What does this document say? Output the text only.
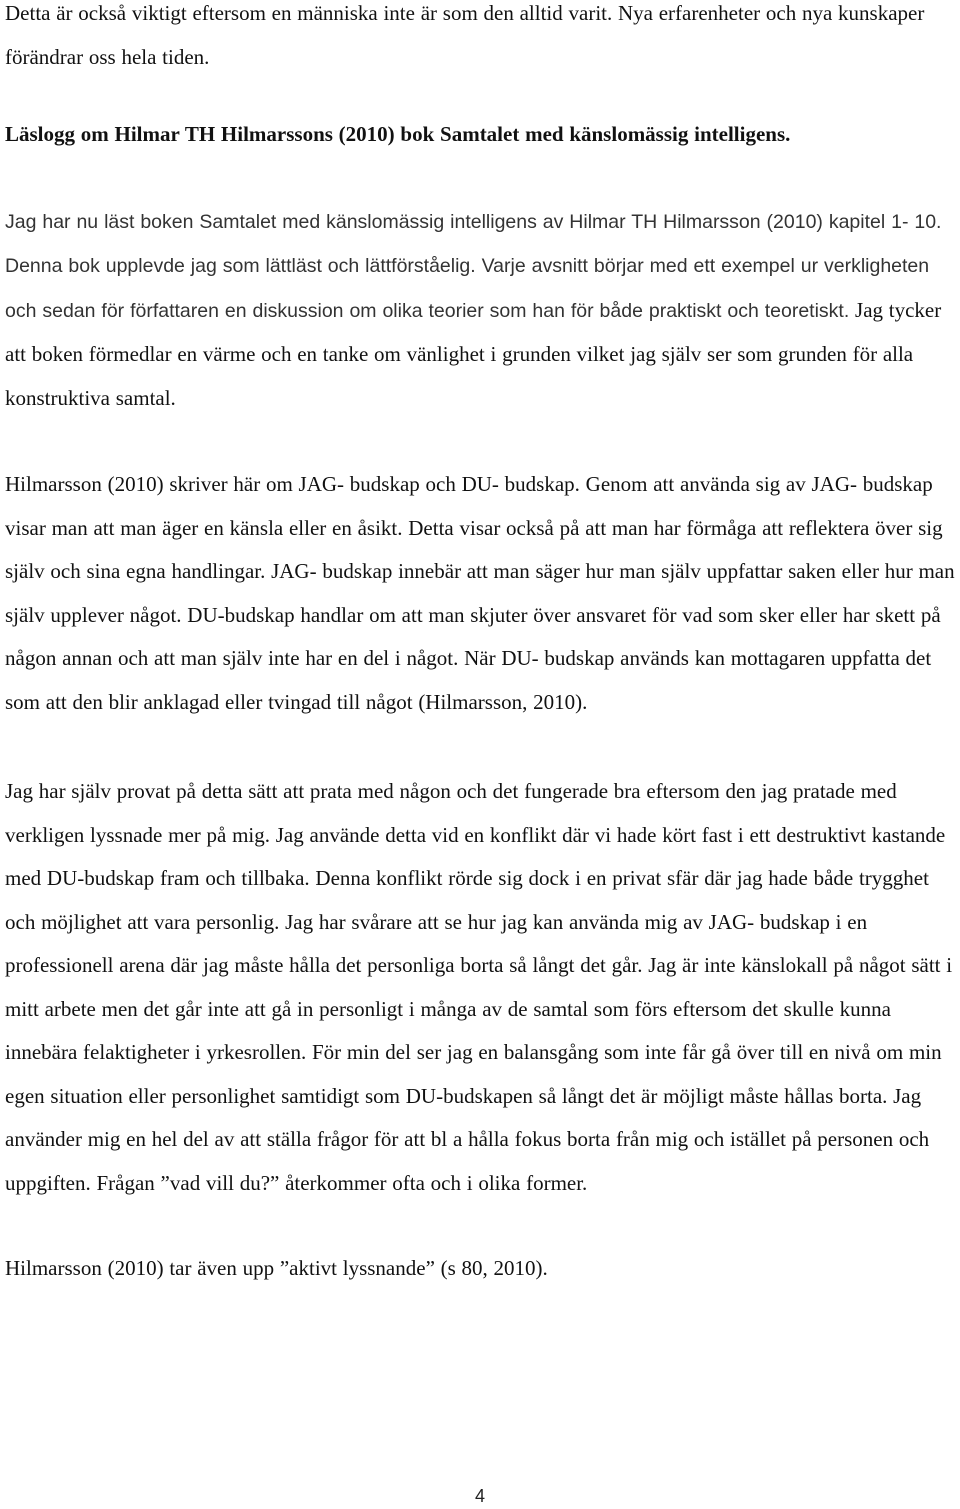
Detta är också viktigt eftersom en människa inte är som den alltid varit. Nya erfarenheter och nya kunskaper förändrar oss hela tiden.

Läslogg om Hilmar TH Hilmarssons (2010) bok Samtalet med känslomässig intelligens.

Jag har nu läst boken Samtalet med känslomässig intelligens av Hilmar TH Hilmarsson (2010) kapitel 1- 10. Denna bok upplevde jag som lättläst och lättförståelig. Varje avsnitt börjar med ett exempel ur verkligheten och sedan för författaren en diskussion om olika teorier som han för både praktiskt och teoretiskt. Jag tycker att boken förmedlar en värme och en tanke om vänlighet i grunden vilket jag själv ser som grunden för alla konstruktiva samtal.

Hilmarsson (2010) skriver här om JAG- budskap och DU- budskap. Genom att använda sig av JAG- budskap visar man att man äger en känsla eller en åsikt. Detta visar också på att man har förmåga att reflektera över sig själv och sina egna handlingar. JAG- budskap innebär att man säger hur man själv uppfattar saken eller hur man själv upplever något. DU-budskap handlar om att man skjuter över ansvaret för vad som sker eller har skett på någon annan och att man själv inte har en del i något. När DU- budskap används kan mottagaren uppfatta det som att den blir anklagad eller tvingad till något (Hilmarsson, 2010).

Jag har själv provat på detta sätt att prata med någon och det fungerade bra eftersom den jag pratade med verkligen lyssnade mer på mig. Jag använde detta vid en konflikt där vi hade kört fast i ett destruktivt kastande med DU-budskap fram och tillbaka. Denna konflikt rörde sig dock i en privat sfär där jag hade både trygghet och möjlighet att vara personlig. Jag har svårare att se hur jag kan använda mig av JAG- budskap i en professionell arena där jag måste hålla det personliga borta så långt det går. Jag är inte känslokall på något sätt i mitt arbete men det går inte att gå in personligt i många av de samtal som förs eftersom det skulle kunna innebära felaktigheter i yrkesrollen. För min del ser jag en balansgång som inte får gå över till en nivå om min egen situation eller personlighet samtidigt som DU-budskapen så långt det är möjligt måste hållas borta. Jag använder mig en hel del av att ställa frågor för att bl a hålla fokus borta från mig och istället på personen och uppgiften. Frågan ”vad vill du?” återkommer ofta och i olika former.

Hilmarsson (2010) tar även upp ”aktivt lyssnande” (s 80, 2010).

4
